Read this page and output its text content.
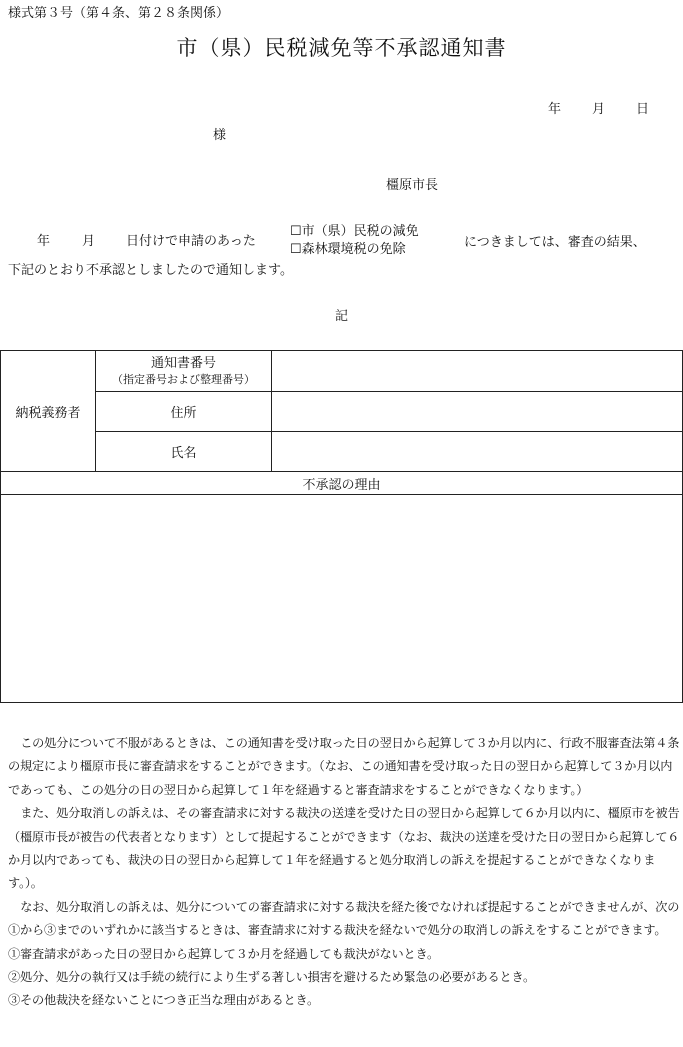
様式第３号（第４条、第２８条関係）
市（県）民税減免等不承認通知書
年 月 日
様
橿原市長
年 月 日付けで申請のあった
☐市（県）民税の減免
☐森林環境税の免除	につきましては、審査の結果、
下記のとおり不承認としましたので通知します。
記
納税義務者	通知書番号
（指定番号および整理番号）	

	住所	
	氏名	
不承認の理由		

この処分について不服があるときは、この通知書を受け取った日の翌日から起算して３か月以内に、行政不服審査法第４条の規定により橿原市長に審査請求をすることができます。（なお、この通知書を受け取った日の翌日から起算して３か月以内であっても、この処分の日の翌日から起算して１年を経過すると審査請求をすることができなくなります。）

また、処分取消しの訴えは、その審査請求に対する裁決の送達を受けた日の翌日から起算して６か月以内に、橿原市を被告（橿原市長が被告の代表者となります）として提起することができます（なお、裁決の送達を受けた日の翌日から起算して６か月以内であっても、裁決の日の翌日から起算して１年を経過すると処分取消しの訴えを提起することができなくなります。）。

なお、処分取消しの訴えは、処分についての審査請求に対する裁決を経た後でなければ提起することができませんが、次の①から③までのいずれかに該当するときは、審査請求に対する裁決を経ないで処分の取消しの訴えをすることができます。

①審査請求があった日の翌日から起算して３か月を経過しても裁決がないとき。

②処分、処分の執行又は手続の続行により生ずる著しい損害を避けるため緊急の必要があるとき。

③その他裁決を経ないことにつき正当な理由があるとき。
